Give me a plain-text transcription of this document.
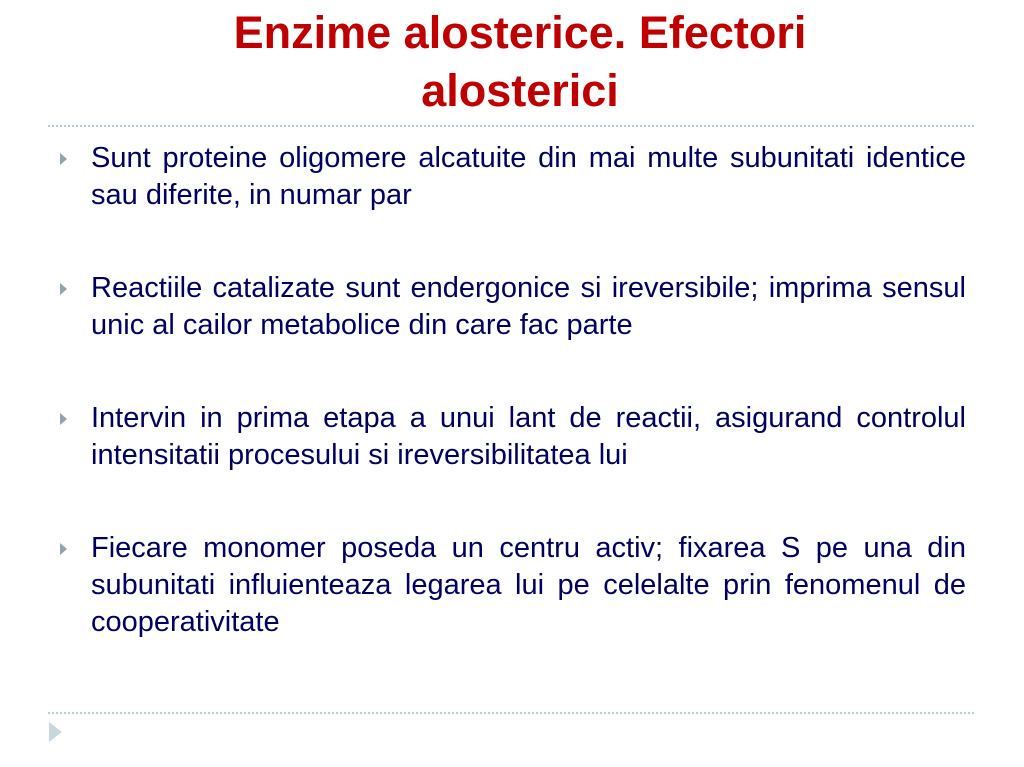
Enzime alosterice. Efectori
alosterici
Sunt proteine oligomere alcatuite din mai multe subunitati identice sau diferite, in numar par
Reactiile catalizate sunt endergonice si ireversibile; imprima sensul unic al cailor metabolice din care fac parte
Intervin in prima etapa a unui lant de reactii, asigurand controlul intensitatii procesului si ireversibilitatea lui
Fiecare monomer poseda un centru activ; fixarea S pe una din subunitati influienteaza legarea lui pe celelalte prin fenomenul de cooperativitate
